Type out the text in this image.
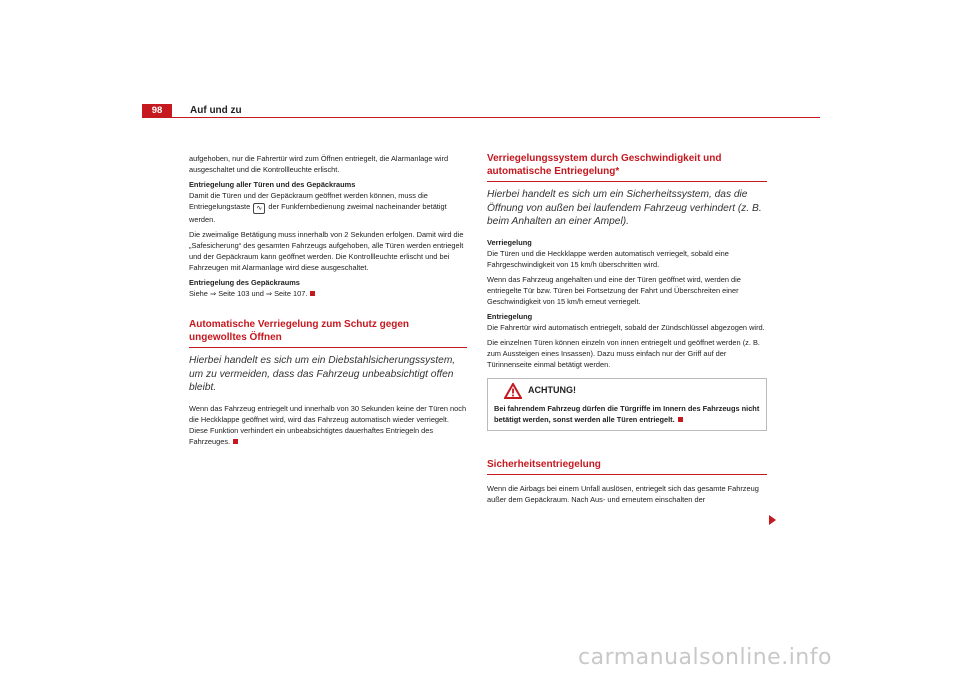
98	Auf und zu

aufgehoben, nur die Fahrertür wird zum Öffnen entriegelt, die Alarmanlage wird ausgeschaltet und die Kontrollleuchte erlischt.

Entriegelung aller Türen und des Gepäckraums

Damit die Türen und der Gepäckraum geöffnet werden können, muss die Entriegelungstaste ∿ der Funkfernbedienung zweimal nacheinander betätigt werden.

Die zweimalige Betätigung muss innerhalb von 2 Sekunden erfolgen. Damit wird die „Safesicherung“ des gesamten Fahrzeugs aufgehoben, alle Türen werden entriegelt und der Gepäckraum kann geöffnet werden. Die Kontrollleuchte erlischt und bei Fahrzeugen mit Alarmanlage wird diese ausgeschaltet.

Entriegelung des Gepäckraums

Siehe ⇒ Seite 103 und ⇒ Seite 107.

Automatische Verriegelung zum Schutz gegen ungewolltes Öffnen
Hierbei handelt es sich um ein Diebstahlsicherungssystem, um zu vermeiden, dass das Fahrzeug unbeabsichtigt offen bleibt.

Wenn das Fahrzeug entriegelt und innerhalb von 30 Sekunden keine der Türen noch die Heckklappe geöffnet wird, wird das Fahrzeug automatisch wieder verriegelt. Diese Funktion verhindert ein unbeabsichtigtes dauerhaftes Entriegeln des Fahrzeuges.

Verriegelungssystem durch Geschwindigkeit und automatische Entriegelung*
Hierbei handelt es sich um ein Sicherheitssystem, das die Öffnung von außen bei laufendem Fahrzeug verhindert (z. B. beim Anhalten an einer Ampel).

Verriegelung

Die Türen und die Heckklappe werden automatisch verriegelt, sobald eine Fahrgeschwindigkeit von 15 km/h überschritten wird.

Wenn das Fahrzeug angehalten und eine der Türen geöffnet wird, werden die entriegelte Tür bzw. Türen bei Fortsetzung der Fahrt und Überschreiten einer Geschwindigkeit von 15 km/h erneut verriegelt.

Entriegelung

Die Fahrertür wird automatisch entriegelt, sobald der Zündschlüssel abgezogen wird.

Die einzelnen Türen können einzeln von innen entriegelt und geöffnet werden (z. B. zum Aussteigen eines Insassen). Dazu muss einfach nur der Griff auf der Türinnenseite einmal betätigt werden.

ACHTUNG!
Bei fahrendem Fahrzeug dürfen die Türgriffe im Innern des Fahrzeugs nicht betätigt werden, sonst werden alle Türen entriegelt.
Sicherheitsentriegelung

Wenn die Airbags bei einem Unfall auslösen, entriegelt sich das gesamte Fahrzeug außer dem Gepäckraum. Nach Aus- und erneutem einschalten der

carmanualsonline.info
